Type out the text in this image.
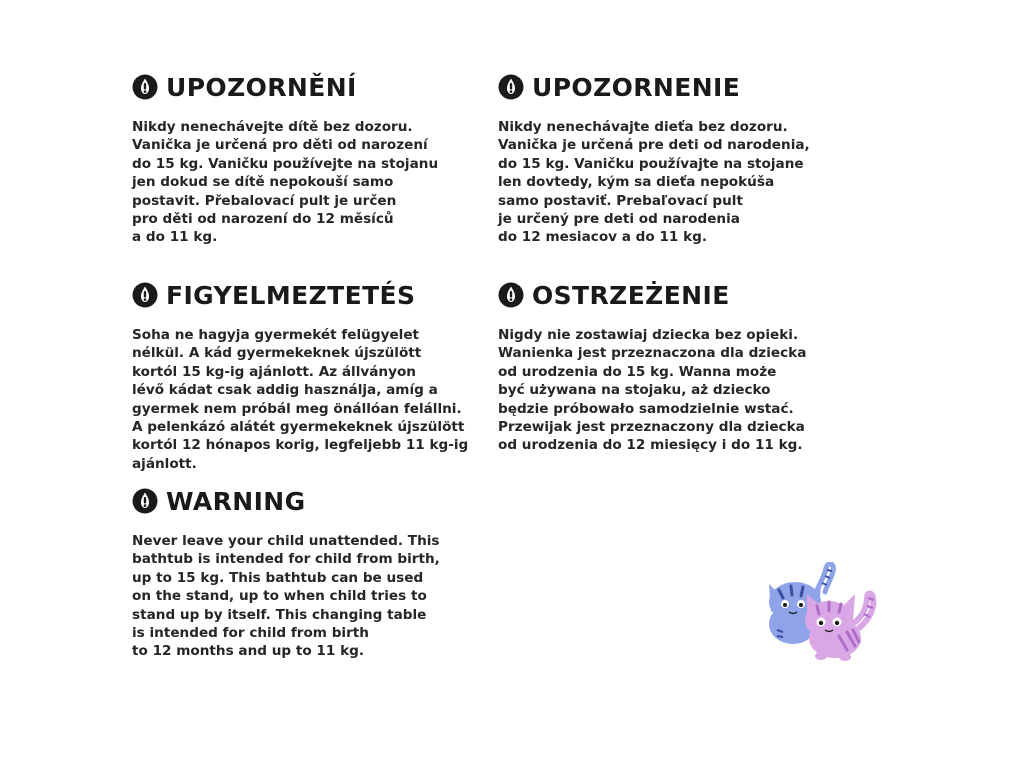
UPOZORNĚNÍ
Nikdy nenechávejte dítě bez dozoru.
Vanička je určená pro děti od narození
do 15 kg. Vaničku používejte na stojanu
jen dokud se dítě nepokouší samo
postavit. Přebalovací pult je určen
pro děti od narození do 12 měsíců
a do 11 kg.
UPOZORNENIE
Nikdy nenechávajte dieťa bez dozoru.
Vanička je určená pre deti od narodenia,
do 15 kg. Vaničku používajte na stojane
len dovtedy, kým sa dieťa nepokúša
samo postaviť. Prebaľovací pult
je určený pre deti od narodenia
do 12 mesiacov a do 11 kg.
FIGYELMEZTETÉS
Soha ne hagyja gyermekét felügyelet
nélkül. A kád gyermekeknek újszülött
kortól 15 kg-ig ajánlott. Az állványon
lévő kádat csak addig használja, amíg a
gyermek nem próbál meg önállóan felállni.
A pelenkázó alátét gyermekeknek újszülött
kortól 12 hónapos korig, legfeljebb 11 kg-ig
ajánlott.
OSTRZEŻENIE
Nigdy nie zostawiaj dziecka bez opieki.
Wanienka jest przeznaczona dla dziecka
od urodzenia do 15 kg. Wanna może
być używana na stojaku, aż dziecko
będzie próbowało samodzielnie wstać.
Przewijak jest przeznaczony dla dziecka
od urodzenia do 12 miesięcy i do 11 kg.
WARNING
Never leave your child unattended. This
bathtub is intended for child from birth,
up to 15 kg. This bathtub can be used
on the stand, up to when child tries to
stand up by itself. This changing table
is intended for child from birth
to 12 months and up to 11 kg.
